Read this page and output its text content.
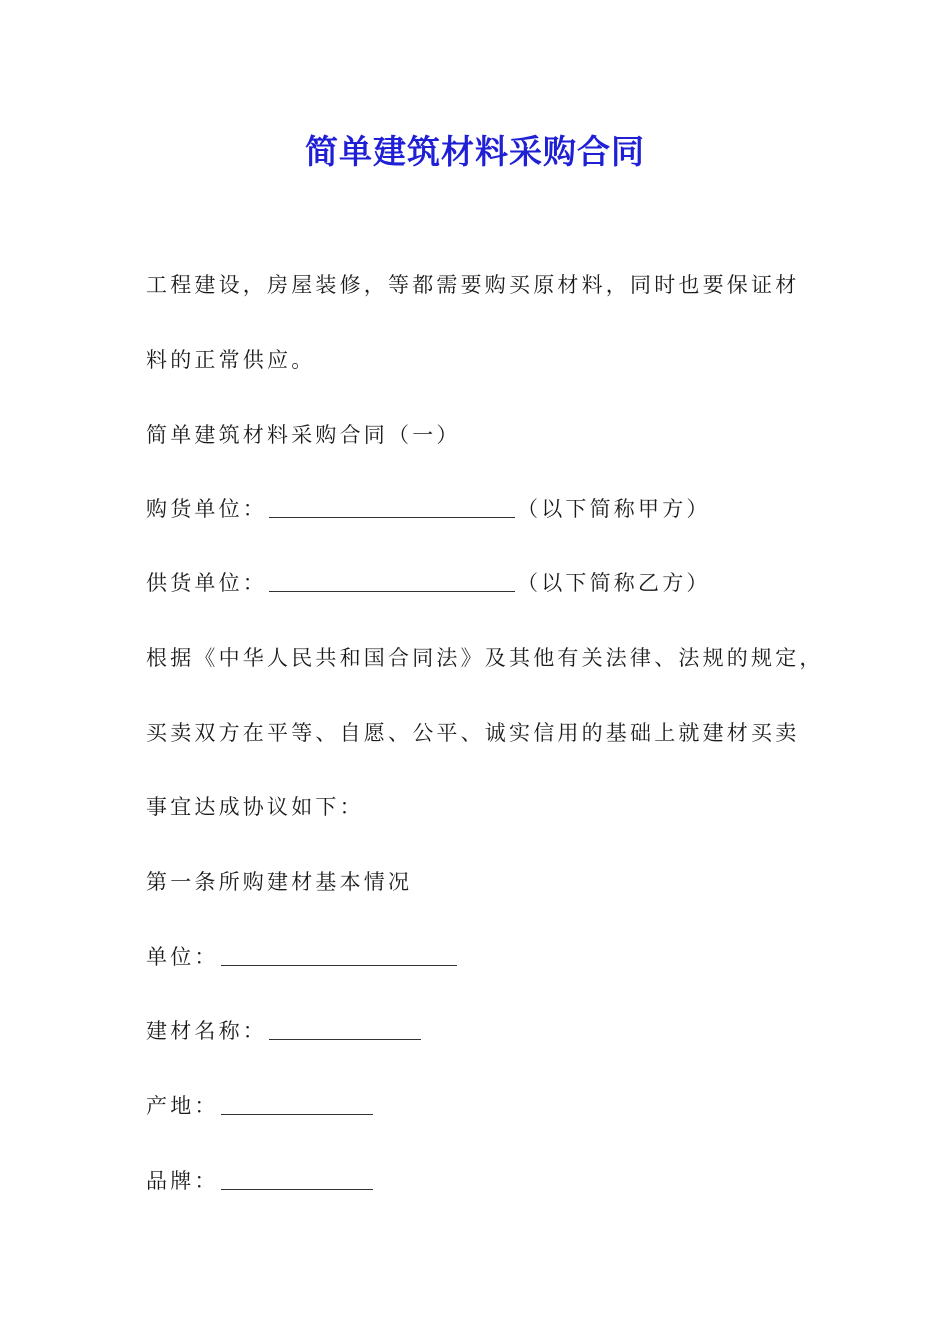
简单建筑材料采购合同

工程建设，房屋装修，等都需要购买原材料，同时也要保证材

料的正常供应。

简单建筑材料采购合同（一）

购货单位：	（以下简称甲方）

供货单位：	（以下简称乙方）

根据《中华人民共和国合同法》及其他有关法律、法规的规定，

买卖双方在平等、自愿、公平、诚实信用的基础上就建材买卖

事宜达成协议如下：

第一条所购建材基本情况

单位：

建材名称：

产地：

品牌：
